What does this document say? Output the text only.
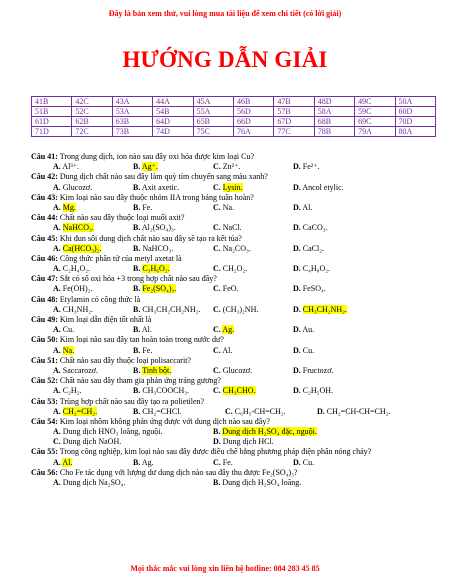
Đây là bản xem thử, vui lòng mua tài liệu để xem chi tiết (có lời giải)
HƯỚNG DẪN GIẢI
41B	42C	43A	44A	45A	46B	47B	48D	49C	50A
51B	52C	53A	54B	55A	56D	57B	58A	59C	60D
61D	62B	63B	64D	65B	66D	67D	68B	69C	70D
71D	72C	73B	74D	75C	76A	77C	78B	79A	80A
Câu 41: Trong dung dịch, ion nào sau đây oxi hóa được kim loại Cu?
A. Al³⁺.	B. Ag⁺.	C. Zn²⁺.	D. Fe²⁺.
Câu 42: Dung dịch chất nào sau đây làm quỳ tím chuyển sang màu xanh?
A. Glucozơ.	B. Axit axetic.	C. Lysin.	D. Ancol etylic.
Câu 43: Kim loại nào sau đây thuộc nhóm IIA trong bảng tuần hoàn?
A. Mg.	B. Fe.	C. Na.	D. Al.
Câu 44: Chất nào sau đây thuộc loại muối axit?
A. NaHCO₃.	B. Al₂(SO₄)₃.	C. NaCl.	D. CaCO₃.
Câu 45: Khi đun sôi dung dịch chất nào sau đây sẽ tạo ra kết tủa?
A. Ca(HCO₃)₂.	B. NaHCO₃.	C. Na₂CO₃.	D. CaCl₂.
Câu 46: Công thức phân tử của metyl axetat là
A. C₂H₄O₂.	B. C₃H₆O₂.	C. CH₂O₂.	D. C₄H₈O₂.
Câu 47: Sắt có số oxi hóa +3 trong hợp chất nào sau đây?
A. Fe(OH)₂.	B. Fe₂(SO₄)₃.	C. FeO.	D. FeSO₄.
Câu 48: Etylamin có công thức là
A. CH₃NH₂.	B. CH₃CH₂CH₂NH₂.	C. (CH₃)₂NH.	D. CH₃CH₂NH₂.
Câu 49: Kim loại dẫn điện tốt nhất là
A. Cu.	B. Al.	C. Ag.	D. Au.
Câu 50: Kim loại nào sau đây tan hoàn toàn trong nước dư?
A. Na.	B. Fe.	C. Al.	D. Cu.
Câu 51: Chất nào sau đây thuộc loại polisaccarit?
A. Saccarozơ.	B. Tinh bột.	C. Glucozơ.	D. Fructozơ.
Câu 52: Chất nào sau đây tham gia phản ứng tráng gương?
A. C₂H₂.	B. CH₃COOCH₃.	C. CH₃CHO.	D. C₂H₅OH.
Câu 53: Trùng hợp chất nào sau đây tạo ra polietilen?
A. CH₂=CH₂.	B. CH₂=CHCl.	C. C₆H₅-CH=CH₂.	D. CH₂=CH-CH=CH₂.
Câu 54: Kim loại nhôm không phản ứng được với dung dịch nào sau đây?
A. Dung dịch HNO₃ loãng, nguội.	B. Dung dịch H₂SO₄ đặc, nguội.
C. Dung dịch NaOH.	D. Dung dịch HCl.
Câu 55: Trong công nghiệp, kim loại nào sau đây được điều chế bằng phương pháp điện phân nóng chảy?
A. Al.	B. Ag.	C. Fe.	D. Cu.
Câu 56: Cho Fe tác dụng với lượng dư dung dịch nào sau đây thu được Fe₂(SO₄)₃?
A. Dung dịch Na₂SO₄.	B. Dung dịch H₂SO₄ loãng.
Mọi thắc mắc vui lòng xin liên hệ hotline: 084 283 45 85
